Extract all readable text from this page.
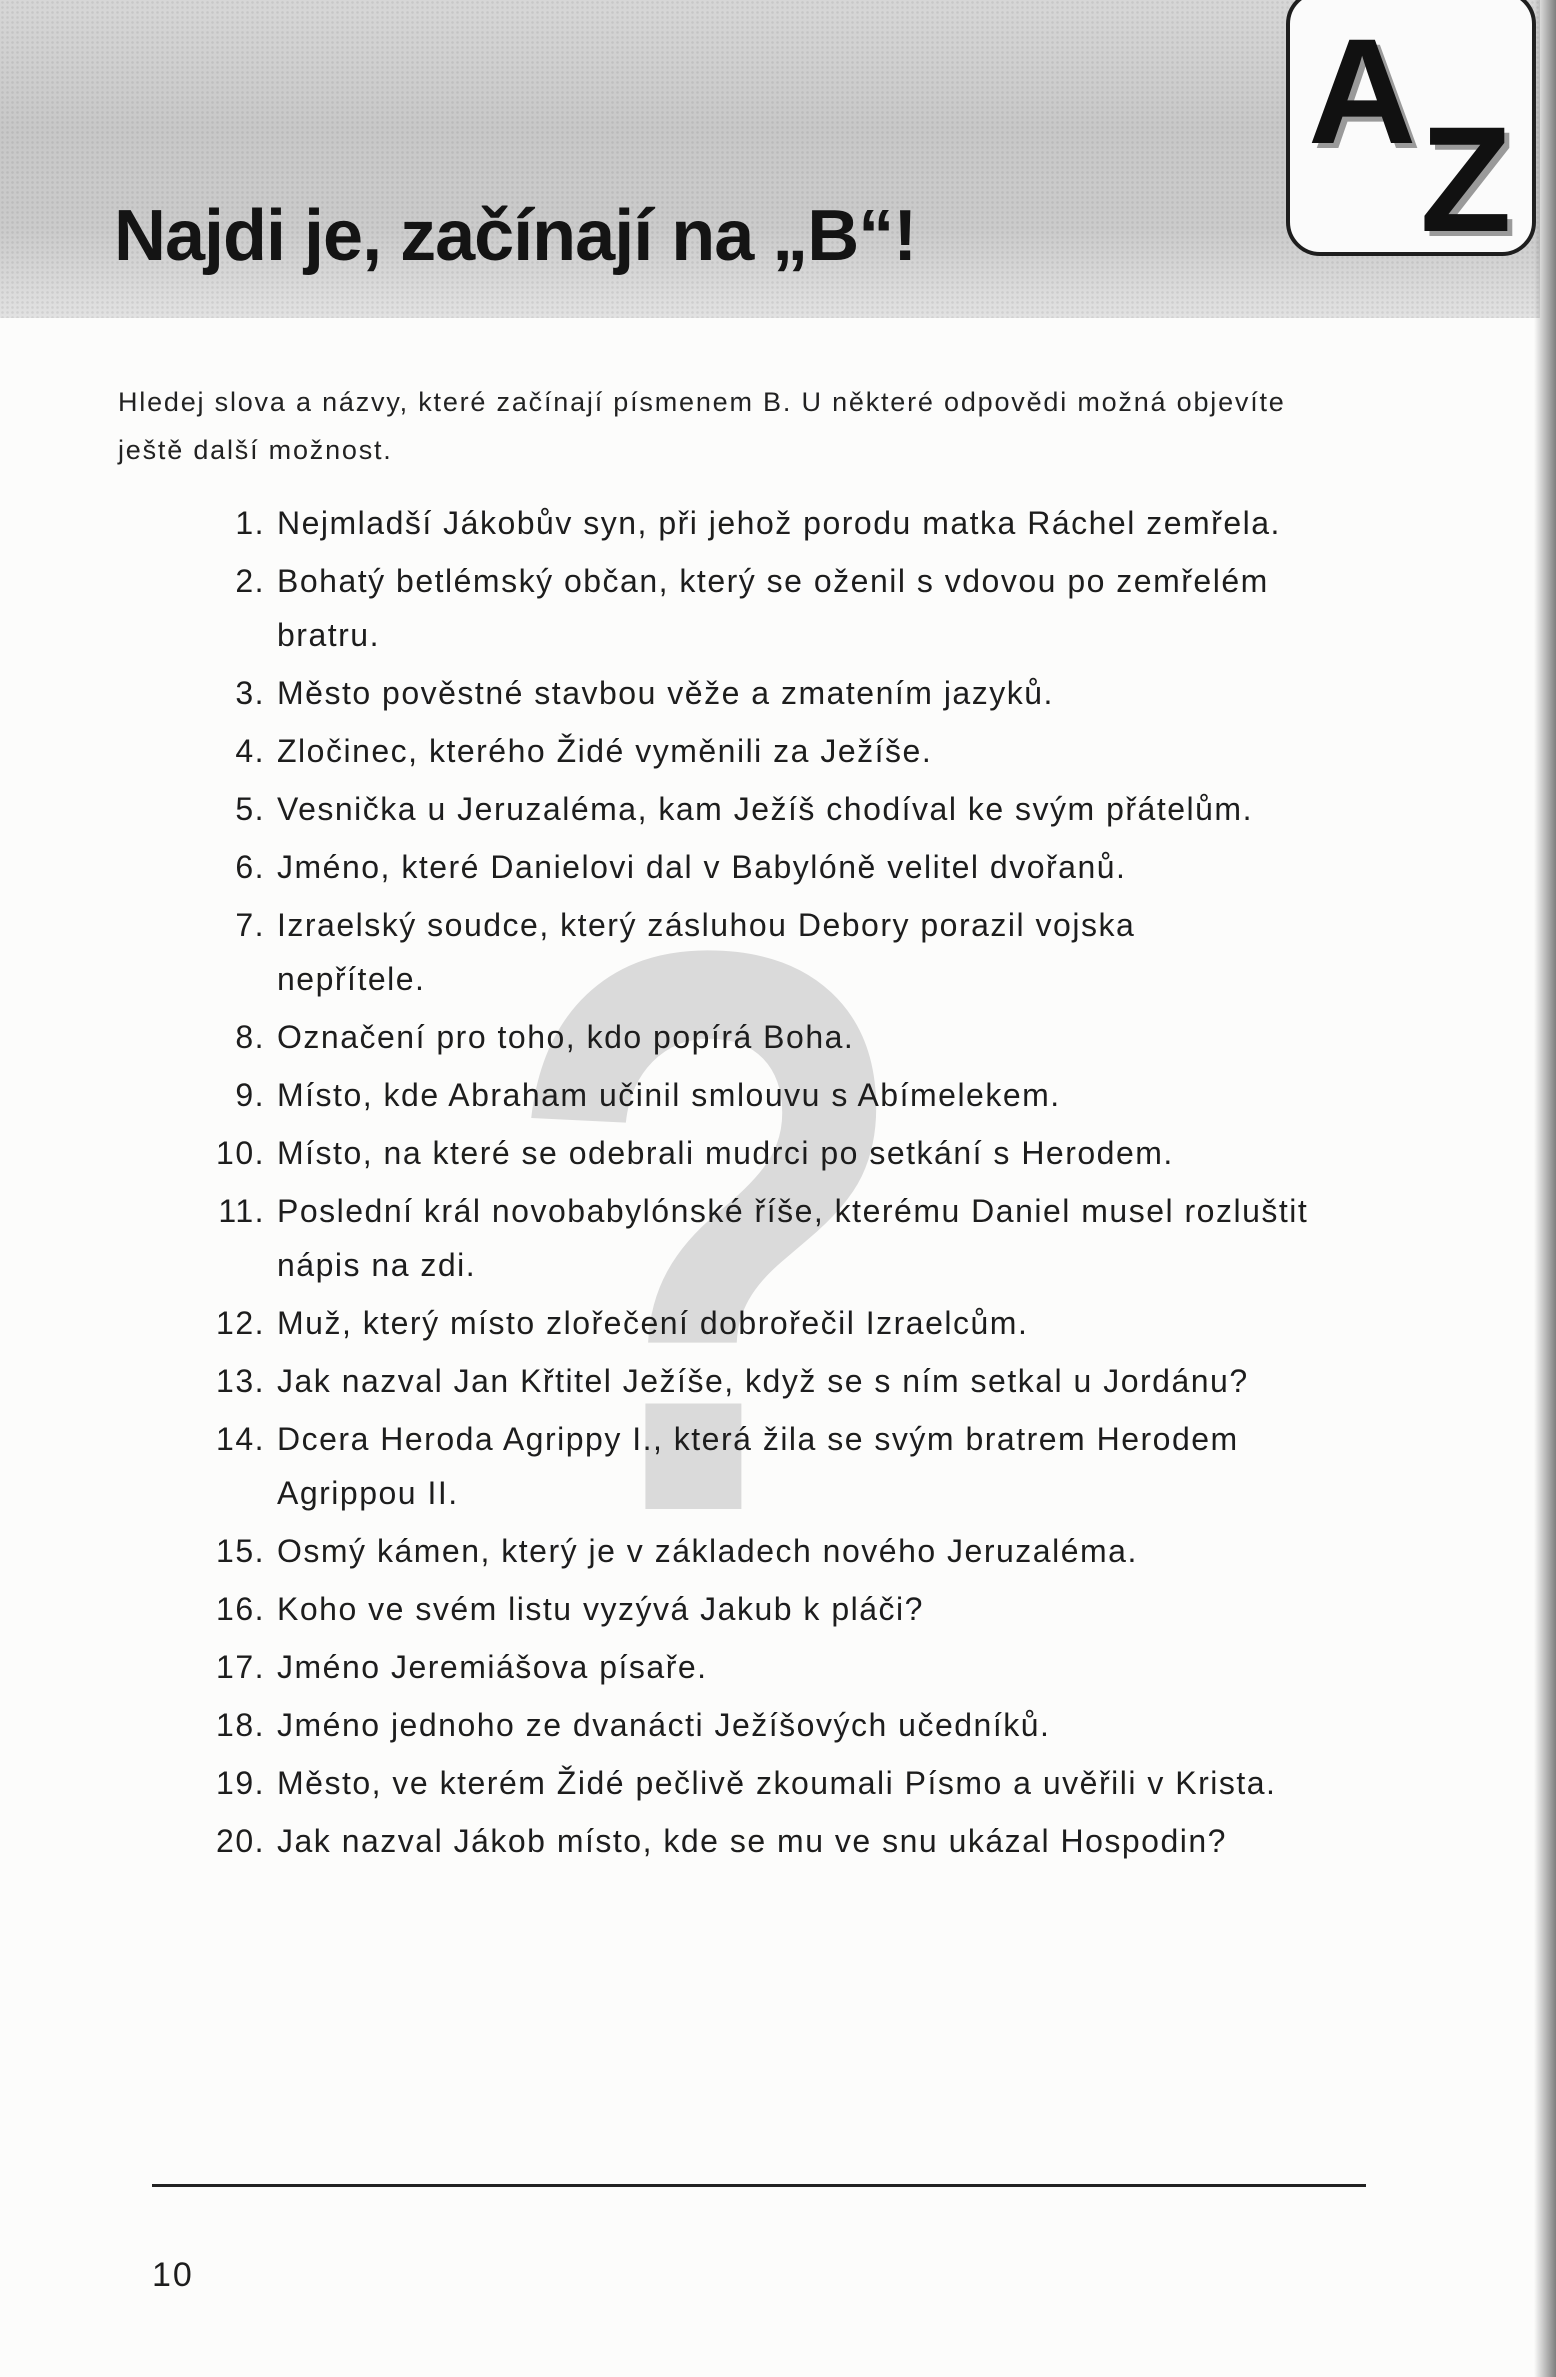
Najdi je, začínají na „B“!
A
Z
Hledej slova a názvy, které začínají písmenem B. U některé odpovědi možná objevíte
ještě další možnost.
?
1. Nejmladší Jákobův syn, při jehož porodu matka Ráchel zemřela.
2. Bohatý betlémský občan, který se oženil s vdovou po zemřelém
bratru.
3. Město pověstné stavbou věže a zmatením jazyků.
4. Zločinec, kterého Židé vyměnili za Ježíše.
5. Vesnička u Jeruzaléma, kam Ježíš chodíval ke svým přátelům.
6. Jméno, které Danielovi dal v Babylóně velitel dvořanů.
7. Izraelský soudce, který zásluhou Debory porazil vojska
nepřítele.
8. Označení pro toho, kdo popírá Boha.
9. Místo, kde Abraham učinil smlouvu s Abímelekem.
10. Místo, na které se odebrali mudrci po setkání s Herodem.
11. Poslední král novobabylónské říše, kterému Daniel musel rozluštit
nápis na zdi.
12. Muž, který místo zlořečení dobrořečil Izraelcům.
13. Jak nazval Jan Křtitel Ježíše, když se s ním setkal u Jordánu?
14. Dcera Heroda Agrippy I., která žila se svým bratrem Herodem
Agrippou II.
15. Osmý kámen, který je v základech nového Jeruzaléma.
16. Koho ve svém listu vyzývá Jakub k pláči?
17. Jméno Jeremiášova písaře.
18. Jméno jednoho ze dvanácti Ježíšových učedníků.
19. Město, ve kterém Židé pečlivě zkoumali Písmo a uvěřili v Krista.
20. Jak nazval Jákob místo, kde se mu ve snu ukázal Hospodin?
10
